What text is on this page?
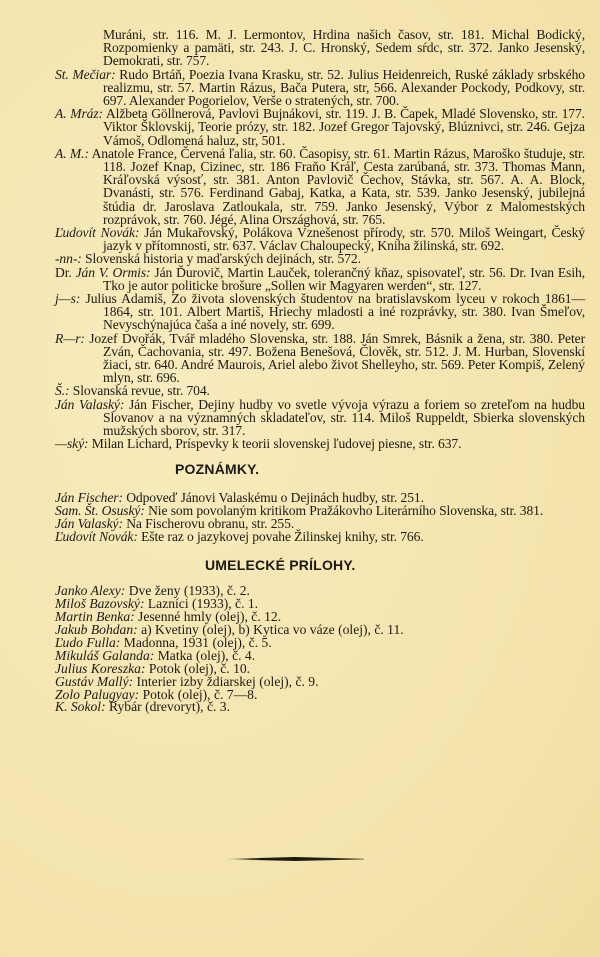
Muráni, str. 116. M. J. Lermontov, Hrdina našich časov, str. 181. Michal Bodický, Rozpomienky a pamäti, str. 243. J. C. Hronský, Sedem sŕdc, str. 372. Janko Jesenský, Demokrati, str. 757.

St. Mečiar: Rudo Brtáň, Poezia Ivana Krasku, str. 52. Julius Heidenreich, Ruské základy srbského realizmu, str. 57. Martin Rázus, Bača Putera, str, 566. Alexander Pockody, Podkovy, str. 697. Alexander Pogorielov, Verše o stratených, str. 700.

A. Mráz: Alžbeta Göllnerová, Pavlovi Bujnákovi, str. 119. J. B. Čapek, Mladé Slovensko, str. 177. Viktor Šklovskij, Teorie prózy, str. 182. Jozef Gregor Tajovský, Blúznivci, str. 246. Gejza Vámoš, Odlomená haluz, str, 501.

A. M.: Anatole France, Červená ľalia, str. 60. Časopisy, str. 61. Martin Rázus, Maroško študuje, str. 118. Jozef Knap, Cizinec, str. 186 Fraňo Kráľ, Cesta zarúbaná, str. 373. Thomas Mann, Kráľovská výsosť, str. 381. Anton Pavlovič Čechov, Stávka, str. 567. A. A. Block, Dvanásti, str. 576. Ferdinand Gabaj, Katka, a Kata, str. 539. Janko Jesenský, jubilejná štúdia dr. Jaroslava Zatloukala, str. 759. Janko Jesenský, Výbor z Malomestských rozprávok, str. 760. Jégé, Alina Országhová, str. 765.

Ľudovít Novák: Ján Mukařovský, Polákova Vznešenost přírody, str. 570. Miloš Weingart, Český jazyk v přítomnosti, str. 637. Václav Chaloupecký, Kniha žilinská, str. 692.

-nn-: Slovenská historia y maďarských dejinách, str. 572.

Dr. Ján V. Ormis: Ján Ďurovič, Martin Lauček, tolerančný kňaz, spisovateľ, str. 56. Dr. Ivan Esih, Tko je autor politicke brošure „Sollen wir Magyaren werden“, str. 127.

j—s: Julius Adamiš, Zo života slovenských študentov na bratislavskom lyceu v rokoch 1861—1864, str. 101. Albert Martiš, Hriechy mladosti a iné rozprávky, str. 380. Ivan Šmeľov, Nevyschýnajúca čaša a iné novely, str. 699.

R—r: Jozef Dvořák, Tvář mladého Slovenska, str. 188. Ján Smrek, Básnik a žena, str. 380. Peter Zván, Čachovania, str. 497. Božena Benešová, Člověk, str. 512. J. M. Hurban, Slovenskí žiaci, str. 640. André Maurois, Ariel alebo život Shelleyho, str. 569. Peter Kompiš, Zelený mlyn, str. 696.

Š.: Slovanská revue, str. 704.

Ján Valaský: Ján Fischer, Dejiny hudby vo svetle vývoja výrazu a foriem so zreteľom na hudbu Slovanov a na významných skladateľov, str. 114. Miloš Ruppeldt, Sbierka slovenských mužských sborov, str. 317.

—ský: Milan Lichard, Príspevky k teorii slovenskej ľudovej piesne, str. 637.

POZNÁMKY.

Ján Fischer: Odpoveď Jánovi Valaskému o Dejinách hudby, str. 251.

Sam. Št. Osuský: Nie som povolaným kritikom Pražákovho Literárního Slovenska, str. 381.

Ján Valaský: Na Fischerovu obranu, str. 255.

Ľudovít Novák: Ešte raz o jazykovej povahe Žilinskej knihy, str. 766.

UMELECKÉ PRÍLOHY.

Janko Alexy: Dve ženy (1933), č. 2.

Miloš Bazovský: Lazníci (1933), č. 1.

Martin Benka: Jesenné hmly (olej), č. 12.

Jakub Bohdan: a) Kvetiny (olej), b) Kytica vo váze (olej), č. 11.

Ľudo Fulla: Madonna, 1931 (olej), č. 5.

Mikuláš Galanda: Matka (olej), č. 4.

Julius Koreszka: Potok (olej), č. 10.

Gustáv Mallý: Interier izby ždiarskej (olej), č. 9.

Zolo Palugyay: Potok (olej), č. 7—8.

K. Sokol: Rybár (drevoryt), č. 3.
